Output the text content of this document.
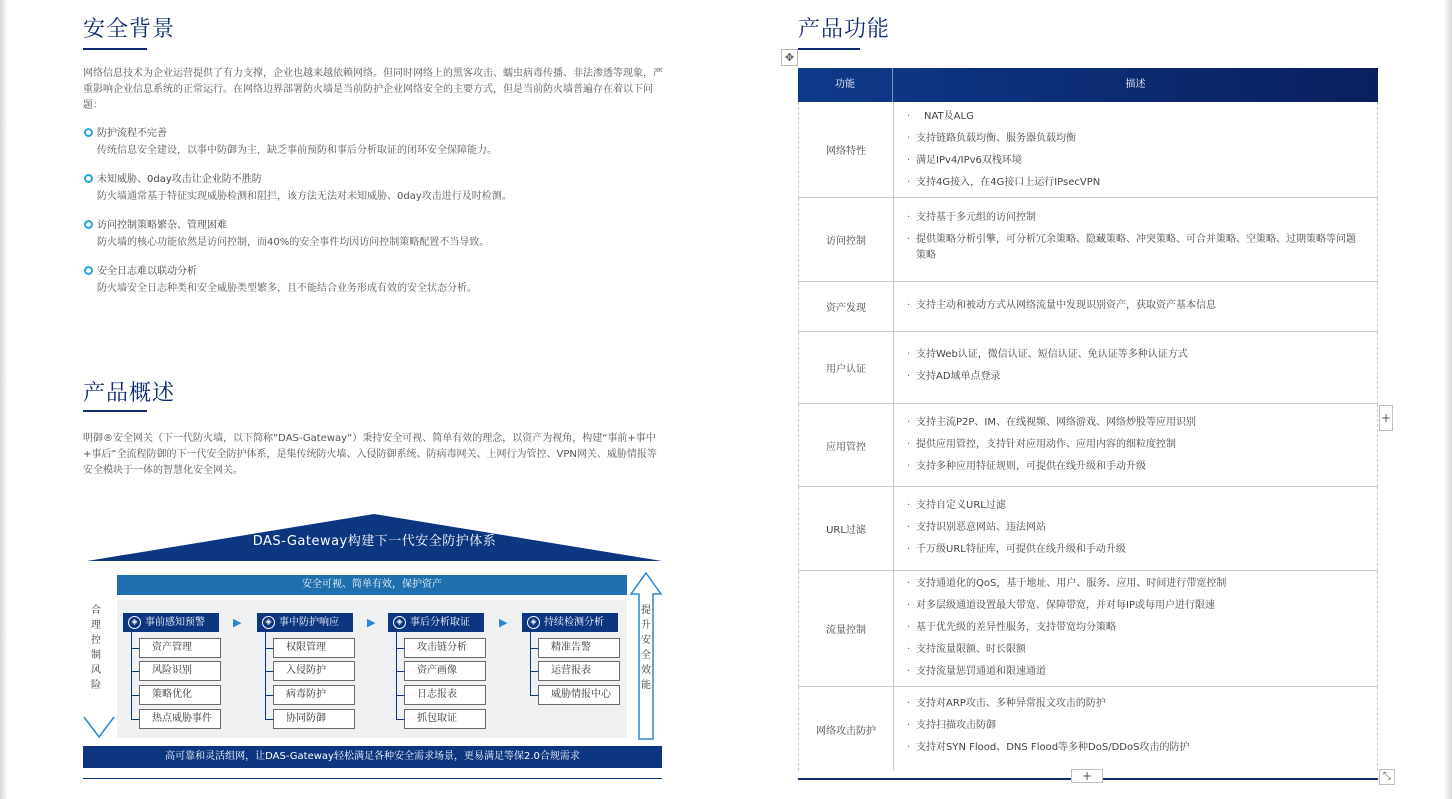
安全背景

网络信息技术为企业运营提供了有力支撑，企业也越来越依赖网络。但同时网络上的黑客攻击、蠕虫病毒传播、非法渗透等现象，严重影响企业信息系统的正常运行。在网络边界部署防火墙是当前防护企业网络安全的主要方式，但是当前防火墙普遍存在着以下问题：

防护流程不完善
传统信息安全建设，以事中防御为主，缺乏事前预防和事后分析取证的闭环安全保障能力。
未知威胁、0day攻击让企业防不胜防
防火墙通常基于特征实现威胁检测和阻拦，该方法无法对未知威胁、0day攻击进行及时检测。
访问控制策略繁杂、管理困难
防火墙的核心功能依然是访问控制，而40%的安全事件均因访问控制策略配置不当导致。
安全日志难以联动分析
防火墙安全日志种类和安全威胁类型繁多，且不能结合业务形成有效的安全状态分析。
产品概述

明御®安全网关（下一代防火墙，以下简称“DAS-Gateway”）秉持安全可视、简单有效的理念，以资产为视角，构建“事前+事中+事后”全流程防御的下一代安全防护体系，是集传统防火墙、入侵防御系统、防病毒网关、上网行为管控、VPN网关、威胁情报等安全模块于一体的智慧化安全网关。

DAS-Gateway构建下一代安全防护体系
安全可视、简单有效，保护资产
合理控制风险
提升安全效能
◈ 事前感知预警
资产管理
风险识别
策略优化
热点威胁事件
▶	◈ 事中防护响应
权限管理
入侵防护
病毒防护
协同防御
▶	◈ 事后分析取证
攻击链分析
资产画像
日志报表
抓包取证
▶	◈ 持续检测分析
精准告警
运营报表
威胁情报中心
高可靠和灵活组网，让DAS-Gateway轻松满足各种安全需求场景，更易满足等保2.0合规需求
产品功能
✥
功能	描述
网络特性
· NAT及ALG
· 支持链路负载均衡、服务器负载均衡
· 满足IPv4/IPv6双栈环境
· 支持4G接入，在4G接口上运行IPsecVPN
访问控制
· 支持基于多元组的访问控制
· 提供策略分析引擎，可分析冗余策略、隐藏策略、冲突策略、可合并策略、空策略、过期策略等问题策略
资产发现
·	支持主动和被动方式从网络流量中发现识别资产，获取资产基本信息
用户认证
· 支持Web认证，微信认证、短信认证、免认证等多种认证方式
· 支持AD域单点登录
应用管控
· 支持主流P2P、IM、在线视频、网络游戏、网络炒股等应用识别
· 提供应用管控，支持针对应用动作、应用内容的细粒度控制
· 支持多种应用特征规则，可提供在线升级和手动升级
URL过滤
· 支持自定义URL过滤
· 支持识别恶意网站、违法网站
· 千万级URL特征库，可提供在线升级和手动升级
流量控制
· 支持通道化的QoS，基于地址、用户、服务、应用、时间进行带宽控制
· 对多层级通道设置最大带宽、保障带宽，并对每IP或每用户进行限速
· 基于优先级的差异性服务，支持带宽均分策略
· 支持流量限额、时长限额
· 支持流量惩罚通道和限速通道
网络攻击防护
· 支持对ARP攻击、多种异常报文攻击的防护
· 支持扫描攻击防御
· 支持对SYN Flood、DNS Flood等多种DoS/DDoS攻击的防护
+
+	⤡
